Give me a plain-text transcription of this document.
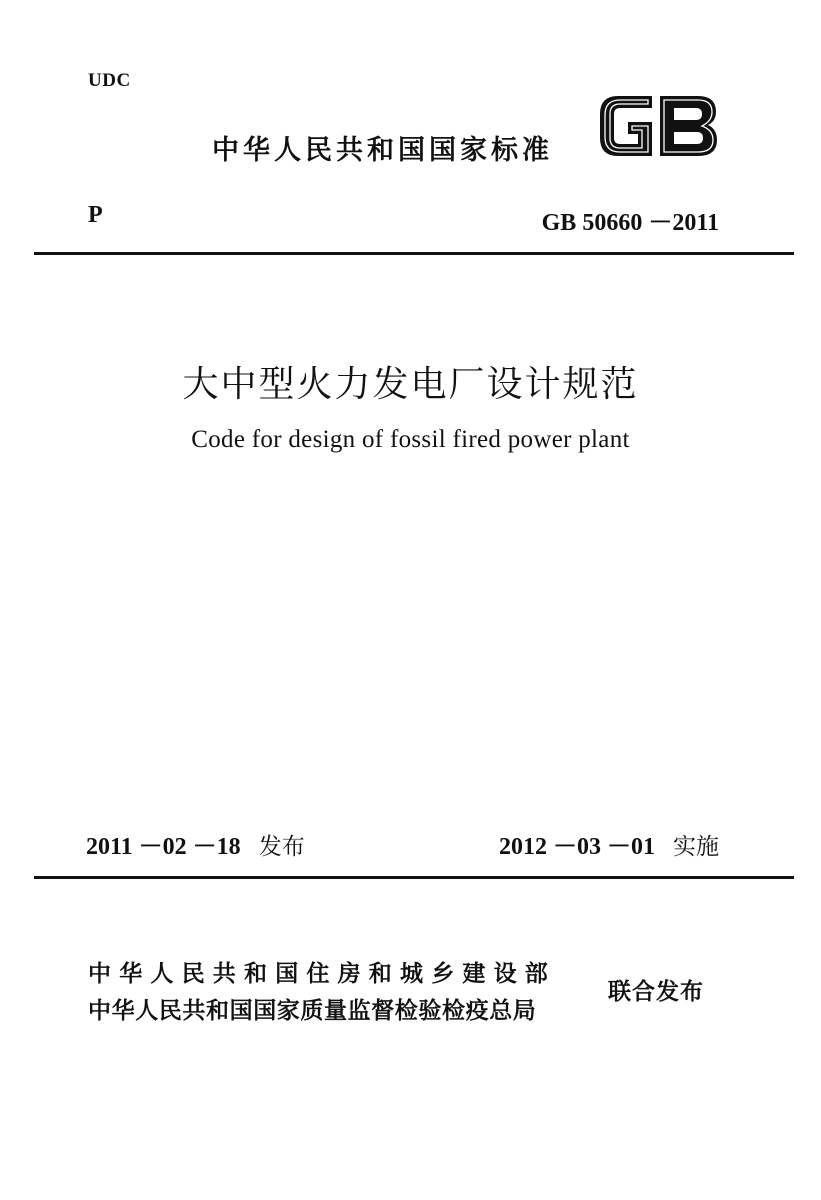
UDC
中华人民共和国国家标准
P	GB 50660 －2011
大中型火力发电厂设计规范
Code for design of fossil fired power plant
2011 －02 －18 发布	2012 －03 －01 实施
中华人民共和国住房和城乡建设部
中华人民共和国国家质量监督检验检疫总局
联合发布
